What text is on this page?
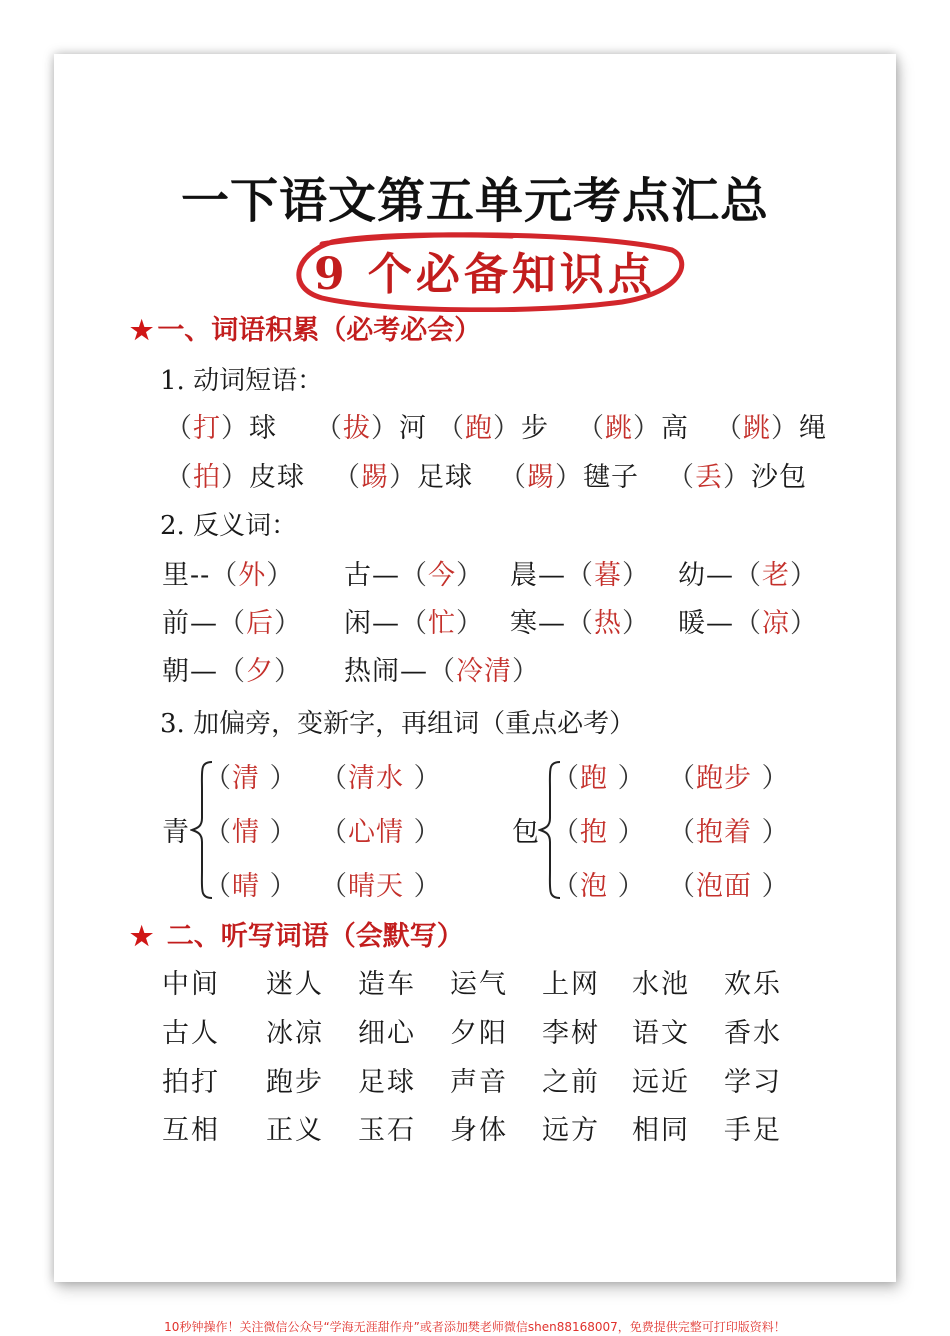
一下语文第五单元考点汇总
9 个必备知识点
★ 一、词语积累（必考必会）
1. 动词短语：
（打）球 （拔）河 （跑）步 （跳）高 （跳）绳
（拍）皮球 （踢）足球 （踢）毽子 （丢）沙包
2. 反义词：
里--（外） 古—（今） 晨—（暮） 幼—（老）
前—（后） 闲—（忙） 寒—（热） 暖—（凉）
朝—（夕） 热闹—（冷清）
3. 加偏旁，变新字，再组词（重点必考）
青
（清 ） （清水 ）
（情 ） （心情 ）
（晴 ） （晴天 ）
包
（跑 ） （跑步 ）
（抱 ） （抱着 ）
（泡 ） （泡面 ）
★ 二、听写词语（会默写）
中间 迷人 造车 运气 上网 水池 欢乐
古人 冰凉 细心 夕阳 李树 语文 香水
拍打 跑步 足球 声音 之前 远近 学习
互相 正义 玉石 身体 远方 相同 手足
10秒钟操作！关注微信公众号“学海无涯甜作舟”或者添加樊老师微信shen88168007，免费提供完整可打印版资料！
